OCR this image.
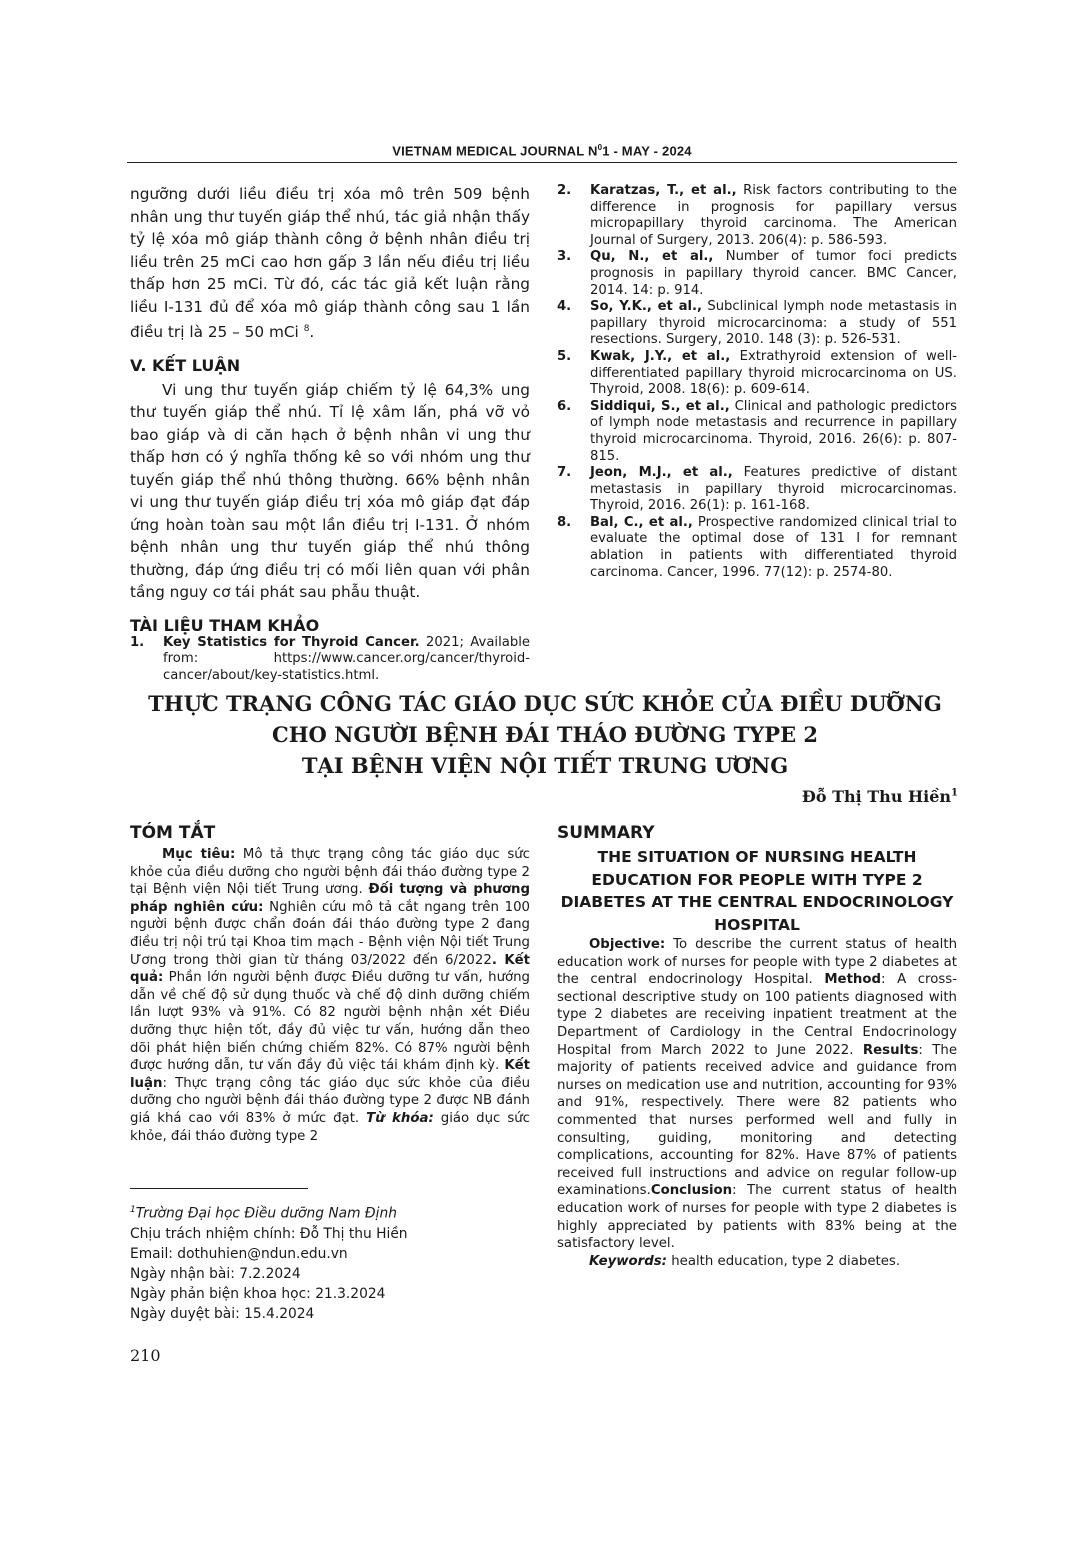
VIETNAM MEDICAL JOURNAL $N^01$ - MAY - 2024

ngưỡng dưới liều điều trị xóa mô trên 509 bệnh nhân ung thư tuyến giáp thể nhú, tác giả nhận thấy tỷ lệ xóa mô giáp thành công ở bệnh nhân điều trị liều trên 25 mCi cao hơn gấp 3 lần nếu điều trị liều thấp hơn 25 mCi. Từ đó, các tác giả kết luận rằng liều I-131 đủ để xóa mô giáp thành công sau 1 lần điều trị là 25 – 50 mCi $^8$.

V. KẾT LUẬN

Vi ung thư tuyến giáp chiếm tỷ lệ 64,3% ung thư tuyến giáp thể nhú. Tỉ lệ xâm lấn, phá vỡ vỏ bao giáp và di căn hạch ở bệnh nhân vi ung thư thấp hơn có ý nghĩa thống kê so với nhóm ung thư tuyến giáp thể nhú thông thường. 66% bệnh nhân vi ung thư tuyến giáp điều trị xóa mô giáp đạt đáp ứng hoàn toàn sau một lần điều trị I-131. Ở nhóm bệnh nhân ung thư tuyến giáp thể nhú thông thường, đáp ứng điều trị có mối liên quan với phân tầng nguy cơ tái phát sau phẫu thuật.

TÀI LIỆU THAM KHẢO

1.	Key Statistics for Thyroid Cancer. 2021; Available from: https://www.cancer.org/cancer/thyroid-cancer/about/key-statistics.html.
2.	Karatzas, T., et al., Risk factors contributing to the difference in prognosis for papillary versus micropapillary thyroid carcinoma. The American Journal of Surgery, 2013. 206(4): p. 586-593.
3.	Qu, N., et al., Number of tumor foci predicts prognosis in papillary thyroid cancer. BMC Cancer, 2014. 14: p. 914.
4.	So, Y.K., et al., Subclinical lymph node metastasis in papillary thyroid microcarcinoma: a study of 551 resections. Surgery, 2010. 148 (3): p. 526-531.
5.	Kwak, J.Y., et al., Extrathyroid extension of well-differentiated papillary thyroid microcarcinoma on US. Thyroid, 2008. 18(6): p. 609-614.
6.	Siddiqui, S., et al., Clinical and pathologic predictors of lymph node metastasis and recurrence in papillary thyroid microcarcinoma. Thyroid, 2016. 26(6): p. 807-815.
7.	Jeon, M.J., et al., Features predictive of distant metastasis in papillary thyroid microcarcinomas. Thyroid, 2016. 26(1): p. 161-168.
8.	Bal, C., et al., Prospective randomized clinical trial to evaluate the optimal dose of 131 I for remnant ablation in patients with differentiated thyroid carcinoma. Cancer, 1996. 77(12): p. 2574-80.
THỰC TRẠNG CÔNG TÁC GIÁO DỤC SỨC KHỎE CỦA ĐIỀU DƯỠNG
CHO NGƯỜI BỆNH ĐÁI THÁO ĐƯỜNG TYPE 2
TẠI BỆNH VIỆN NỘI TIẾT TRUNG ƯƠNG
Đỗ Thị Thu Hiền$^1$

TÓM TẮT

Mục tiêu: Mô tả thực trạng công tác giáo dục sức khỏe của điều dưỡng cho người bệnh đái tháo đường type 2 tại Bệnh viện Nội tiết Trung ương. Đối tượng và phương pháp nghiên cứu: Nghiên cứu mô tả cắt ngang trên 100 người bệnh được chẩn đoán đái tháo đường type 2 đang điều trị nội trú tại Khoa tim mạch - Bệnh viện Nội tiết Trung Ương trong thời gian từ tháng 03/2022 đến 6/2022. Kết quả: Phần lớn người bệnh được Điều dưỡng tư vấn, hướng dẫn về chế độ sử dụng thuốc và chế độ dinh dưỡng chiếm lần lượt 93% và 91%. Có 82 người bệnh nhận xét Điều dưỡng thực hiện tốt, đầy đủ việc tư vấn, hướng dẫn theo dõi phát hiện biến chứng chiếm 82%. Có 87% người bệnh được hướng dẫn, tư vấn đầy đủ việc tái khám định kỳ. Kết luận: Thực trạng công tác giáo dục sức khỏe của điều dưỡng cho người bệnh đái tháo đường type 2 được NB đánh giá khá cao với 83% ở mức đạt. Từ khóa: giáo dục sức khỏe, đái tháo đường type 2

SUMMARY

THE SITUATION OF NURSING HEALTH EDUCATION FOR PEOPLE WITH TYPE 2 DIABETES AT THE CENTRAL ENDOCRINOLOGY HOSPITAL

Objective: To describe the current status of health education work of nurses for people with type 2 diabetes at the central endocrinology Hospital. Method: A cross-sectional descriptive study on 100 patients diagnosed with type 2 diabetes are receiving inpatient treatment at the Department of Cardiology in the Central Endocrinology Hospital from March 2022 to June 2022. Results: The majority of patients received advice and guidance from nurses on medication use and nutrition, accounting for 93% and 91%, respectively. There were 82 patients who commented that nurses performed well and fully in consulting, guiding, monitoring and detecting complications, accounting for 82%. Have 87% of patients received full instructions and advice on regular follow-up examinations.Conclusion: The current status of health education work of nurses for people with type 2 diabetes is highly appreciated by patients with 83% being at the satisfactory level.

Keywords: health education, type 2 diabetes.

$^1$Trường Đại học Điều dưỡng Nam Định
Chịu trách nhiệm chính: Đỗ Thị thu Hiền
Email: dothuhien@ndun.edu.vn
Ngày nhận bài: 7.2.2024
Ngày phản biện khoa học: 21.3.2024
Ngày duyệt bài: 15.4.2024
210
